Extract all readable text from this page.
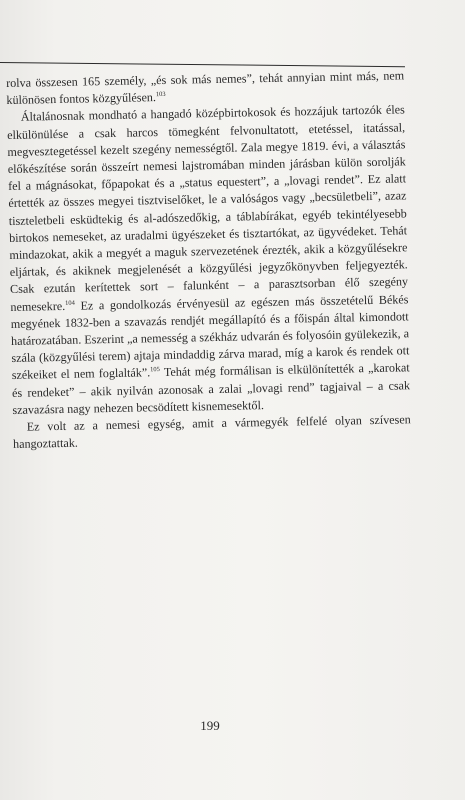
rolva összesen 165 személy, „és sok más nemes”, tehát annyian mint más, nem különösen fontos közgyűlésen.$^{103}$

Általánosnak mondható a hangadó középbirtokosok és hozzájuk tartozók éles elkülönülése a csak harcos tömegként felvonultatott, etetéssel, itatással, megvesztegetéssel kezelt szegény nemességtől. Zala megye 1819. évi, a választás előkészítése során összeírt nemesi lajstromában minden járásban külön sorolják fel a mágnásokat, főpapokat és a „status equestert”, a „lovagi rendet”. Ez alatt értették az összes megyei tisztviselőket, le a valóságos vagy „becsületbeli”, azaz tiszteletbeli esküdtekig és al-adószedőkig, a táblabírákat, egyéb tekintélyesebb birtokos nemeseket, az uradalmi ügyészeket és tisztartókat, az ügyvédeket. Tehát mindazokat, akik a megyét a maguk szervezetének érezték, akik a közgyűlésekre eljártak, és akiknek megjelenését a közgyűlési jegyzőkönyvben feljegyezték. Csak ezután kerítettek sort – falunként – a parasztsorban élő szegény nemesekre.$^{104}$ Ez a gondolkozás érvényesül az egészen más összetételű Békés megyének 1832-ben a szavazás rendjét megállapító és a főispán által kimondott határozatában. Eszerint „a nemesség a székház udvarán és folyosóin gyülekezik, a szála (közgyűlési terem) ajtaja mindaddig zárva marad, míg a karok és rendek ott székeiket el nem foglalták”.$^{105}$ Tehát még formálisan is elkülönítették a „karokat és rendeket” – akik nyilván azonosak a zalai „lovagi rend” tagjaival – a csak szavazásra nagy nehezen becsödített kisnemesektől.

Ez volt az a nemesi egység, amit a vármegyék felfelé olyan szívesen hangoztattak.

199
